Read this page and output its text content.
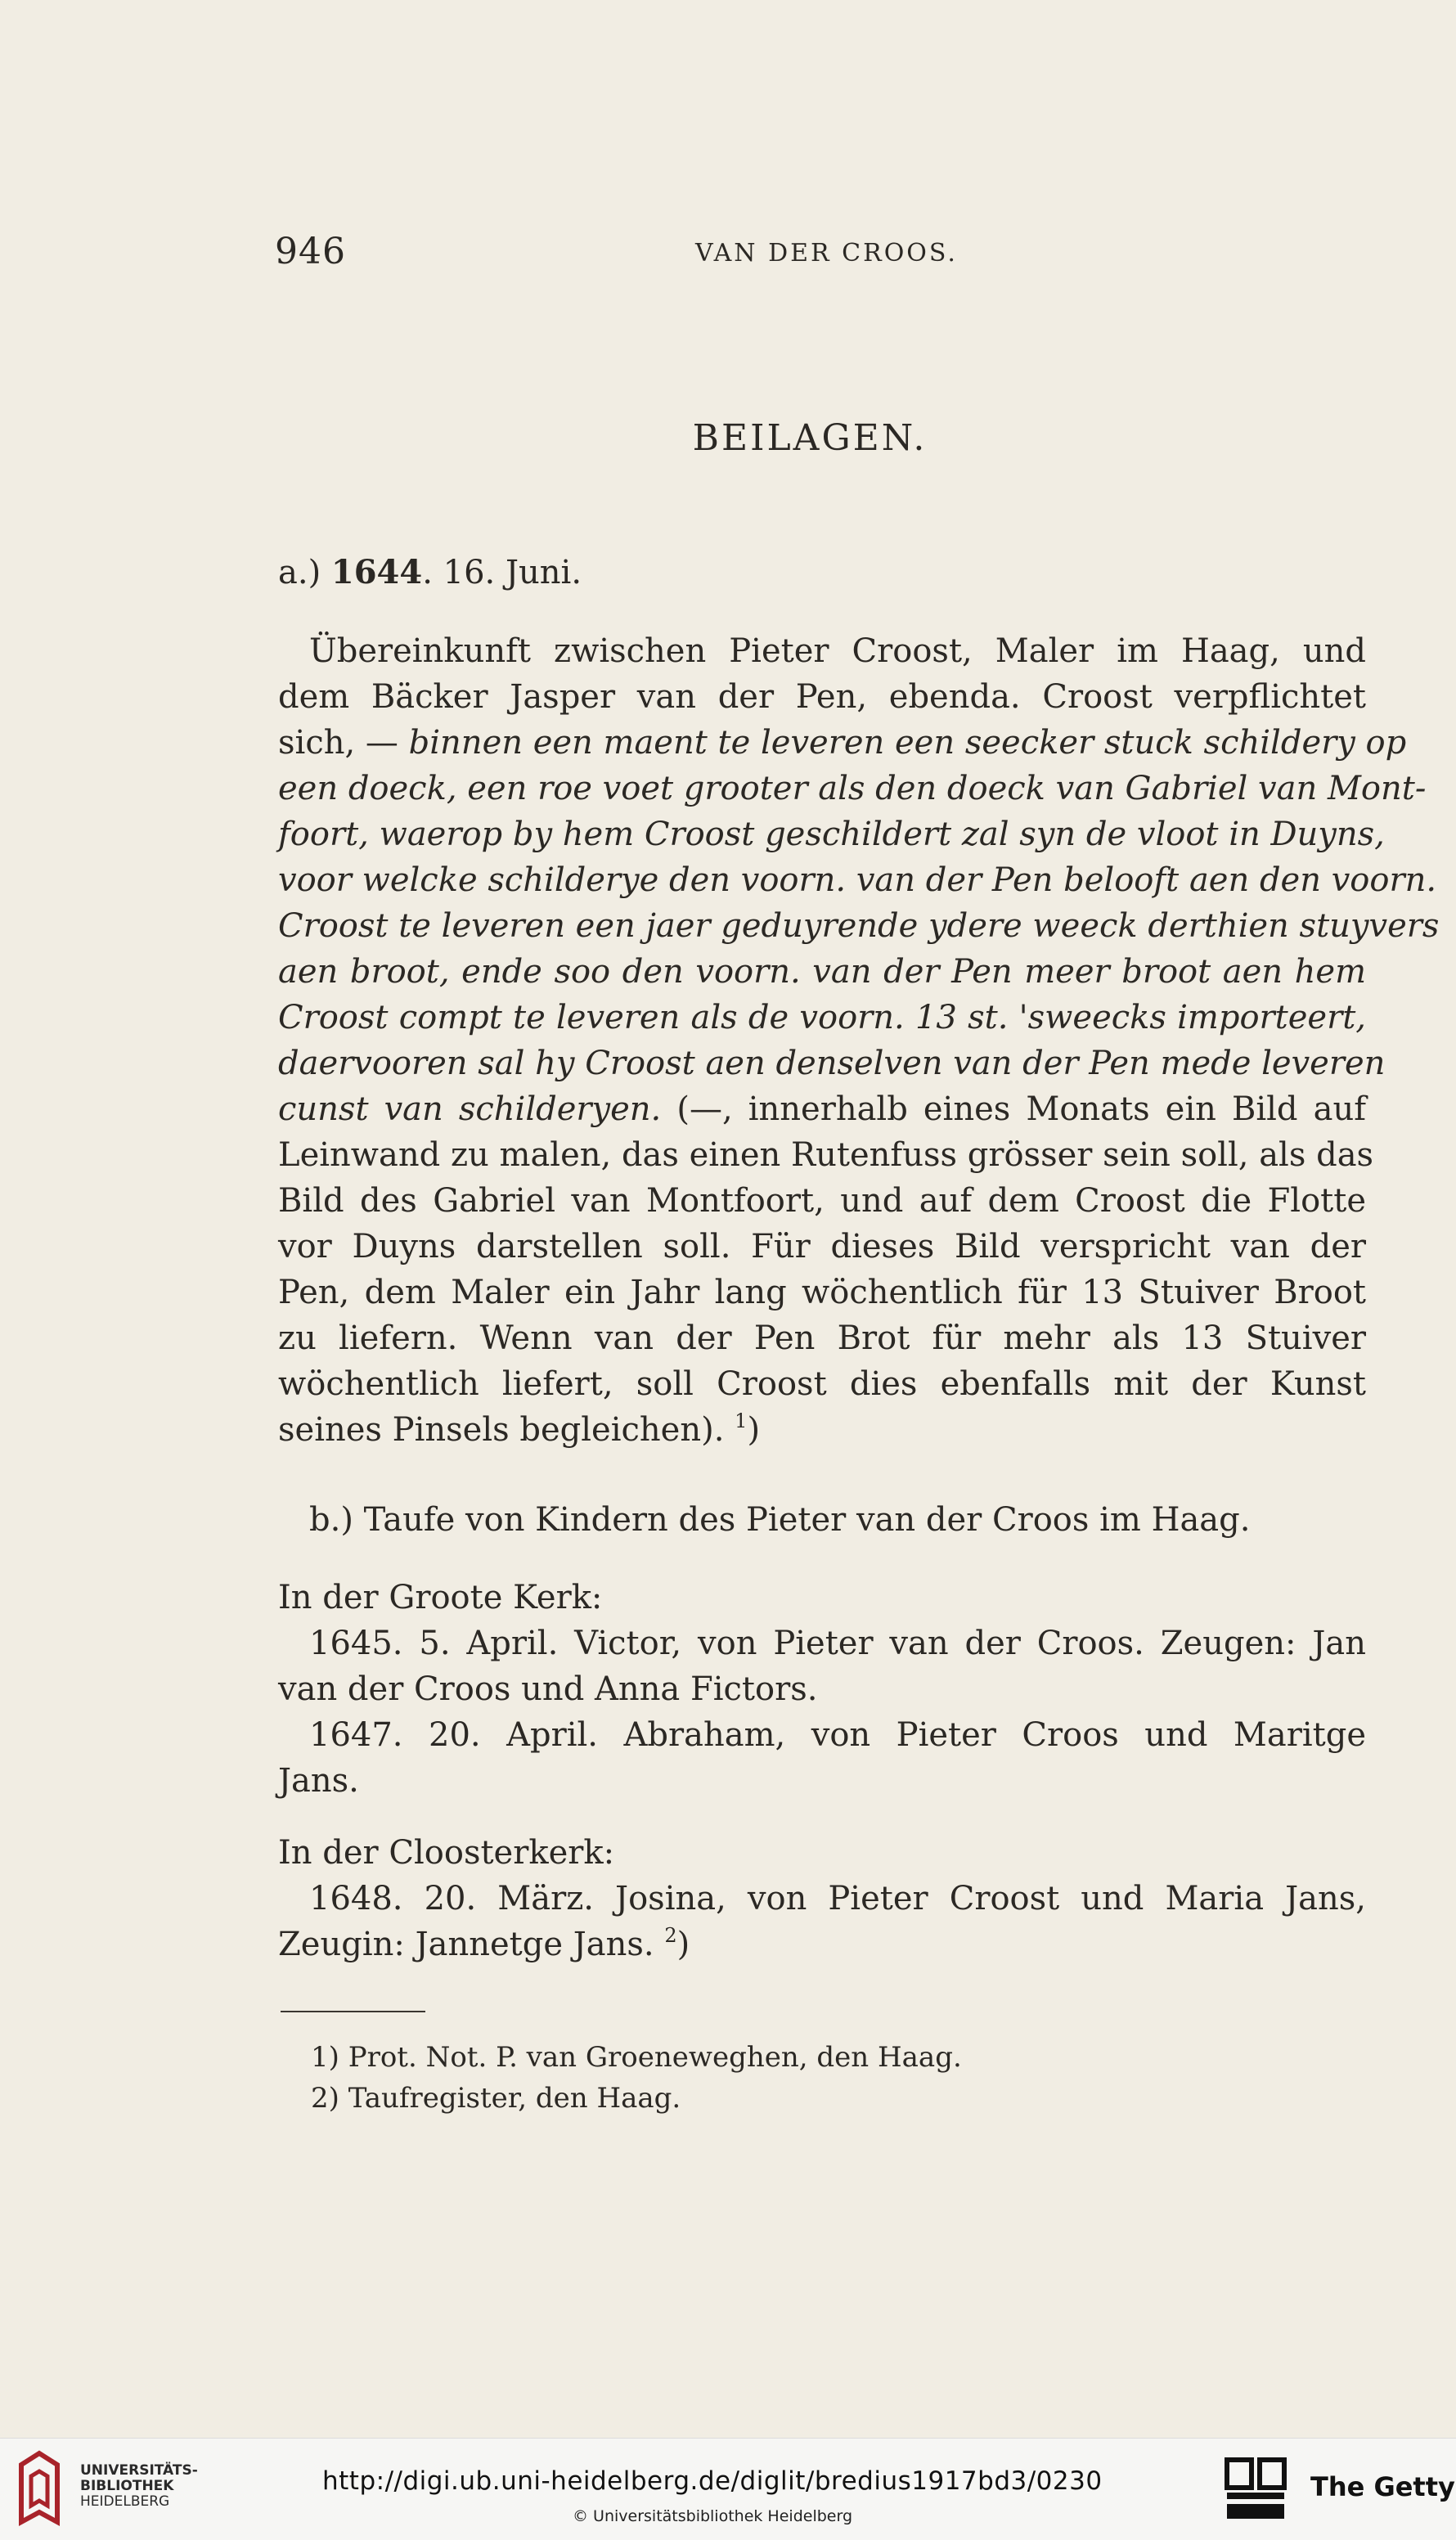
946	VAN DER CROOS.
BEILAGEN.
a.) 1644. 16. Juni.
Übereinkunft zwischen Pieter Croost, Maler im Haag, und
dem Bäcker Jasper van der Pen, ebenda. Croost verpflichtet
sich, — binnen een maent te leveren een seecker stuck schildery op
een doeck, een roe voet grooter als den doeck van Gabriel van Mont-
foort, waerop by hem Croost geschildert zal syn de vloot in Duyns,
voor welcke schilderye den voorn. van der Pen belooft aen den voorn.
Croost te leveren een jaer geduyrende ydere weeck derthien stuyvers
aen broot, ende soo den voorn. van der Pen meer broot aen hem
Croost compt te leveren als de voorn. 13 st. 'sweecks importeert,
daervooren sal hy Croost aen denselven van der Pen mede leveren
cunst van schilderyen. (—, innerhalb eines Monats ein Bild auf
Leinwand zu malen, das einen Rutenfuss grösser sein soll, als das
Bild des Gabriel van Montfoort, und auf dem Croost die Flotte
vor Duyns darstellen soll. Für dieses Bild verspricht van der
Pen, dem Maler ein Jahr lang wöchentlich für 13 Stuiver Broot
zu liefern. Wenn van der Pen Brot für mehr als 13 Stuiver
wöchentlich liefert, soll Croost dies ebenfalls mit der Kunst
seines Pinsels begleichen). $^1$)
b.) Taufe von Kindern des Pieter van der Croos im Haag.
In der Groote Kerk:
1645. 5. April. Victor, von Pieter van der Croos. Zeugen: Jan
van der Croos und Anna Fictors.
1647. 20. April. Abraham, von Pieter Croos und Maritge
Jans.
In der Cloosterkerk:
1648. 20. März. Josina, von Pieter Croost und Maria Jans,
Zeugin: Jannetge Jans. $^2$)
1) Prot. Not. P. van Groeneweghen, den Haag.
2) Taufregister, den Haag.
UNIVERSITÄTS-
BIBLIOTHEK
HEIDELBERG
http://digi.ub.uni-heidelberg.de/diglit/bredius1917bd3/0230
© Universitätsbibliothek Heidelberg
The Getty
